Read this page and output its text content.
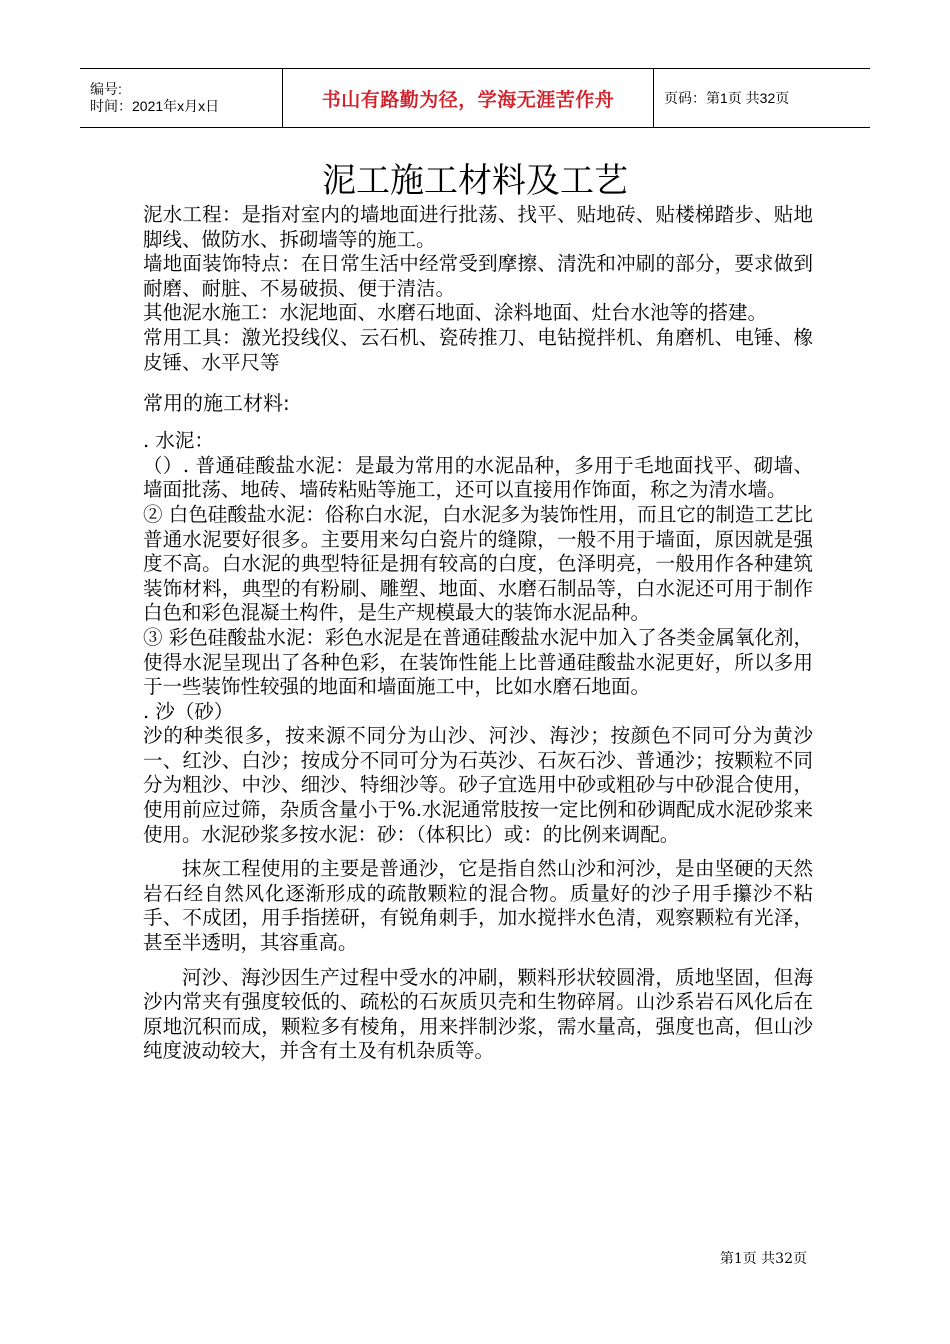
编号:
时间：2021年x月x日	书山有路勤为径，学海无涯苦作舟	页码：第1页 共32页
泥工施工材料及工艺

泥水工程：是指对室内的墙地面进行批荡、找平、贴地砖、贴楼梯踏步、贴地脚线、做防水、拆砌墙等的施工。

墙地面装饰特点：在日常生活中经常受到摩擦、清洗和冲刷的部分，要求做到耐磨、耐脏、不易破损、便于清洁。

其他泥水施工：水泥地面、水磨石地面、涂料地面、灶台水池等的搭建。

常用工具：激光投线仪、云石机、瓷砖推刀、电钻搅拌机、角磨机、电锤、橡皮锤、水平尺等

常用的施工材料:

. 水泥：

（）. 普通硅酸盐水泥：是最为常用的水泥品种，多用于毛地面找平、砌墙、墙面批荡、地砖、墙砖粘贴等施工，还可以直接用作饰面，称之为清水墙。

② 白色硅酸盐水泥：俗称白水泥，白水泥多为装饰性用，而且它的制造工艺比普通水泥要好很多。主要用来勾白瓷片的缝隙，一般不用于墙面，原因就是强度不高。白水泥的典型特征是拥有较高的白度，色泽明亮，一般用作各种建筑装饰材料，典型的有粉刷、雕塑、地面、水磨石制品等，白水泥还可用于制作白色和彩色混凝土构件，是生产规模最大的装饰水泥品种。

③ 彩色硅酸盐水泥：彩色水泥是在普通硅酸盐水泥中加入了各类金属氧化剂，使得水泥呈现出了各种色彩，在装饰性能上比普通硅酸盐水泥更好，所以多用于一些装饰性较强的地面和墙面施工中，比如水磨石地面。

. 沙（砂）

沙的种类很多，按来源不同分为山沙、河沙、海沙；按颜色不同可分为黄沙一、红沙、白沙；按成分不同可分为石英沙、石灰石沙、普通沙；按颗粒不同分为粗沙、中沙、细沙、特细沙等。砂子宜选用中砂或粗砂与中砂混合使用，使用前应过筛，杂质含量小于%.水泥通常肢按一定比例和砂调配成水泥砂浆来使用。水泥砂浆多按水泥：砂：（体积比）或：的比例来调配。

抹灰工程使用的主要是普通沙，它是指自然山沙和河沙，是由坚硬的天然岩石经自然风化逐渐形成的疏散颗粒的混合物。质量好的沙子用手攥沙不粘手、不成团，用手指搓研，有锐角刺手，加水搅拌水色清，观察颗粒有光泽，甚至半透明，其容重高。

河沙、海沙因生产过程中受水的冲刷，颗料形状较圆滑，质地坚固，但海沙内常夹有强度较低的、疏松的石灰质贝壳和生物碎屑。山沙系岩石风化后在原地沉积而成，颗粒多有棱角，用来拌制沙浆，需水量高，强度也高，但山沙纯度波动较大，并含有土及有机杂质等。

第1页 共32页
